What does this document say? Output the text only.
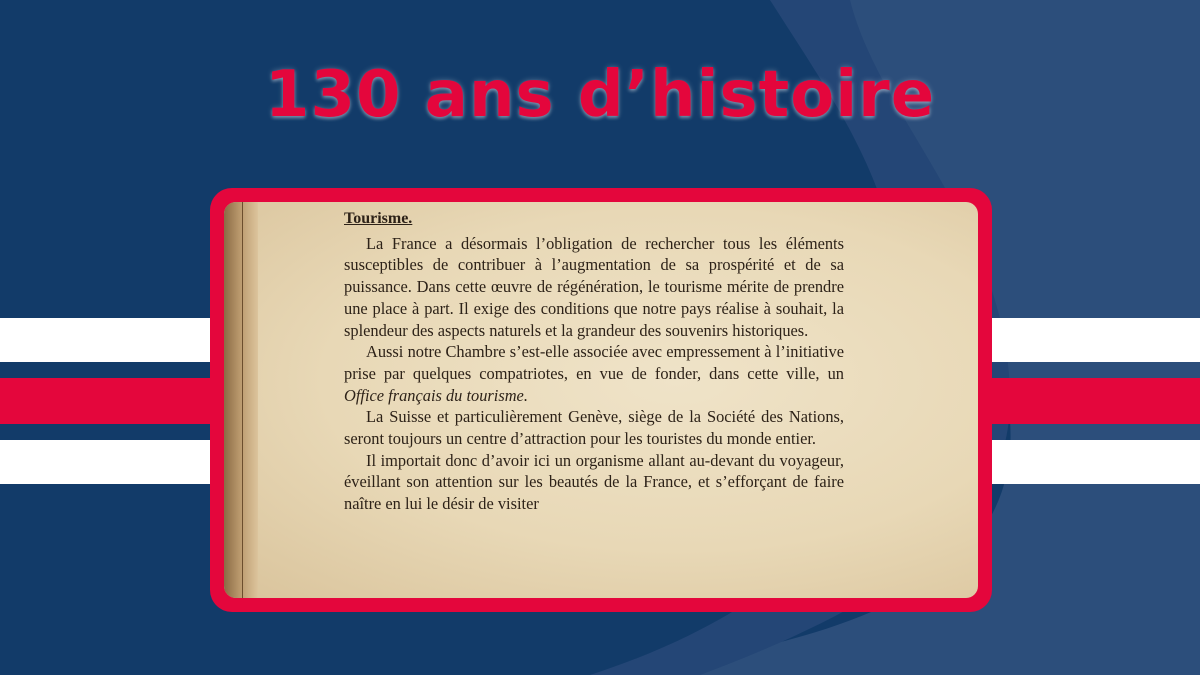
130 ans d’histoire

Tourisme.

La France a désormais l’obligation de rechercher tous les éléments susceptibles de contribuer à l’augmentation de sa prospérité et de sa puissance. Dans cette œuvre de régénération, le tourisme mérite de prendre une place à part. Il exige des conditions que notre pays réalise à souhait, la splendeur des aspects naturels et la grandeur des souvenirs historiques.

Aussi notre Chambre s’est-elle associée avec empressement à l’initiative prise par quelques compatriotes, en vue de fonder, dans cette ville, un Office français du tourisme.

La Suisse et particulièrement Genève, siège de la Société des Nations, seront toujours un centre d’attraction pour les touristes du monde entier.

Il importait donc d’avoir ici un organisme allant au-devant du voyageur, éveillant son attention sur les beautés de la France, et s’efforçant de faire naître en lui le désir de visiter
